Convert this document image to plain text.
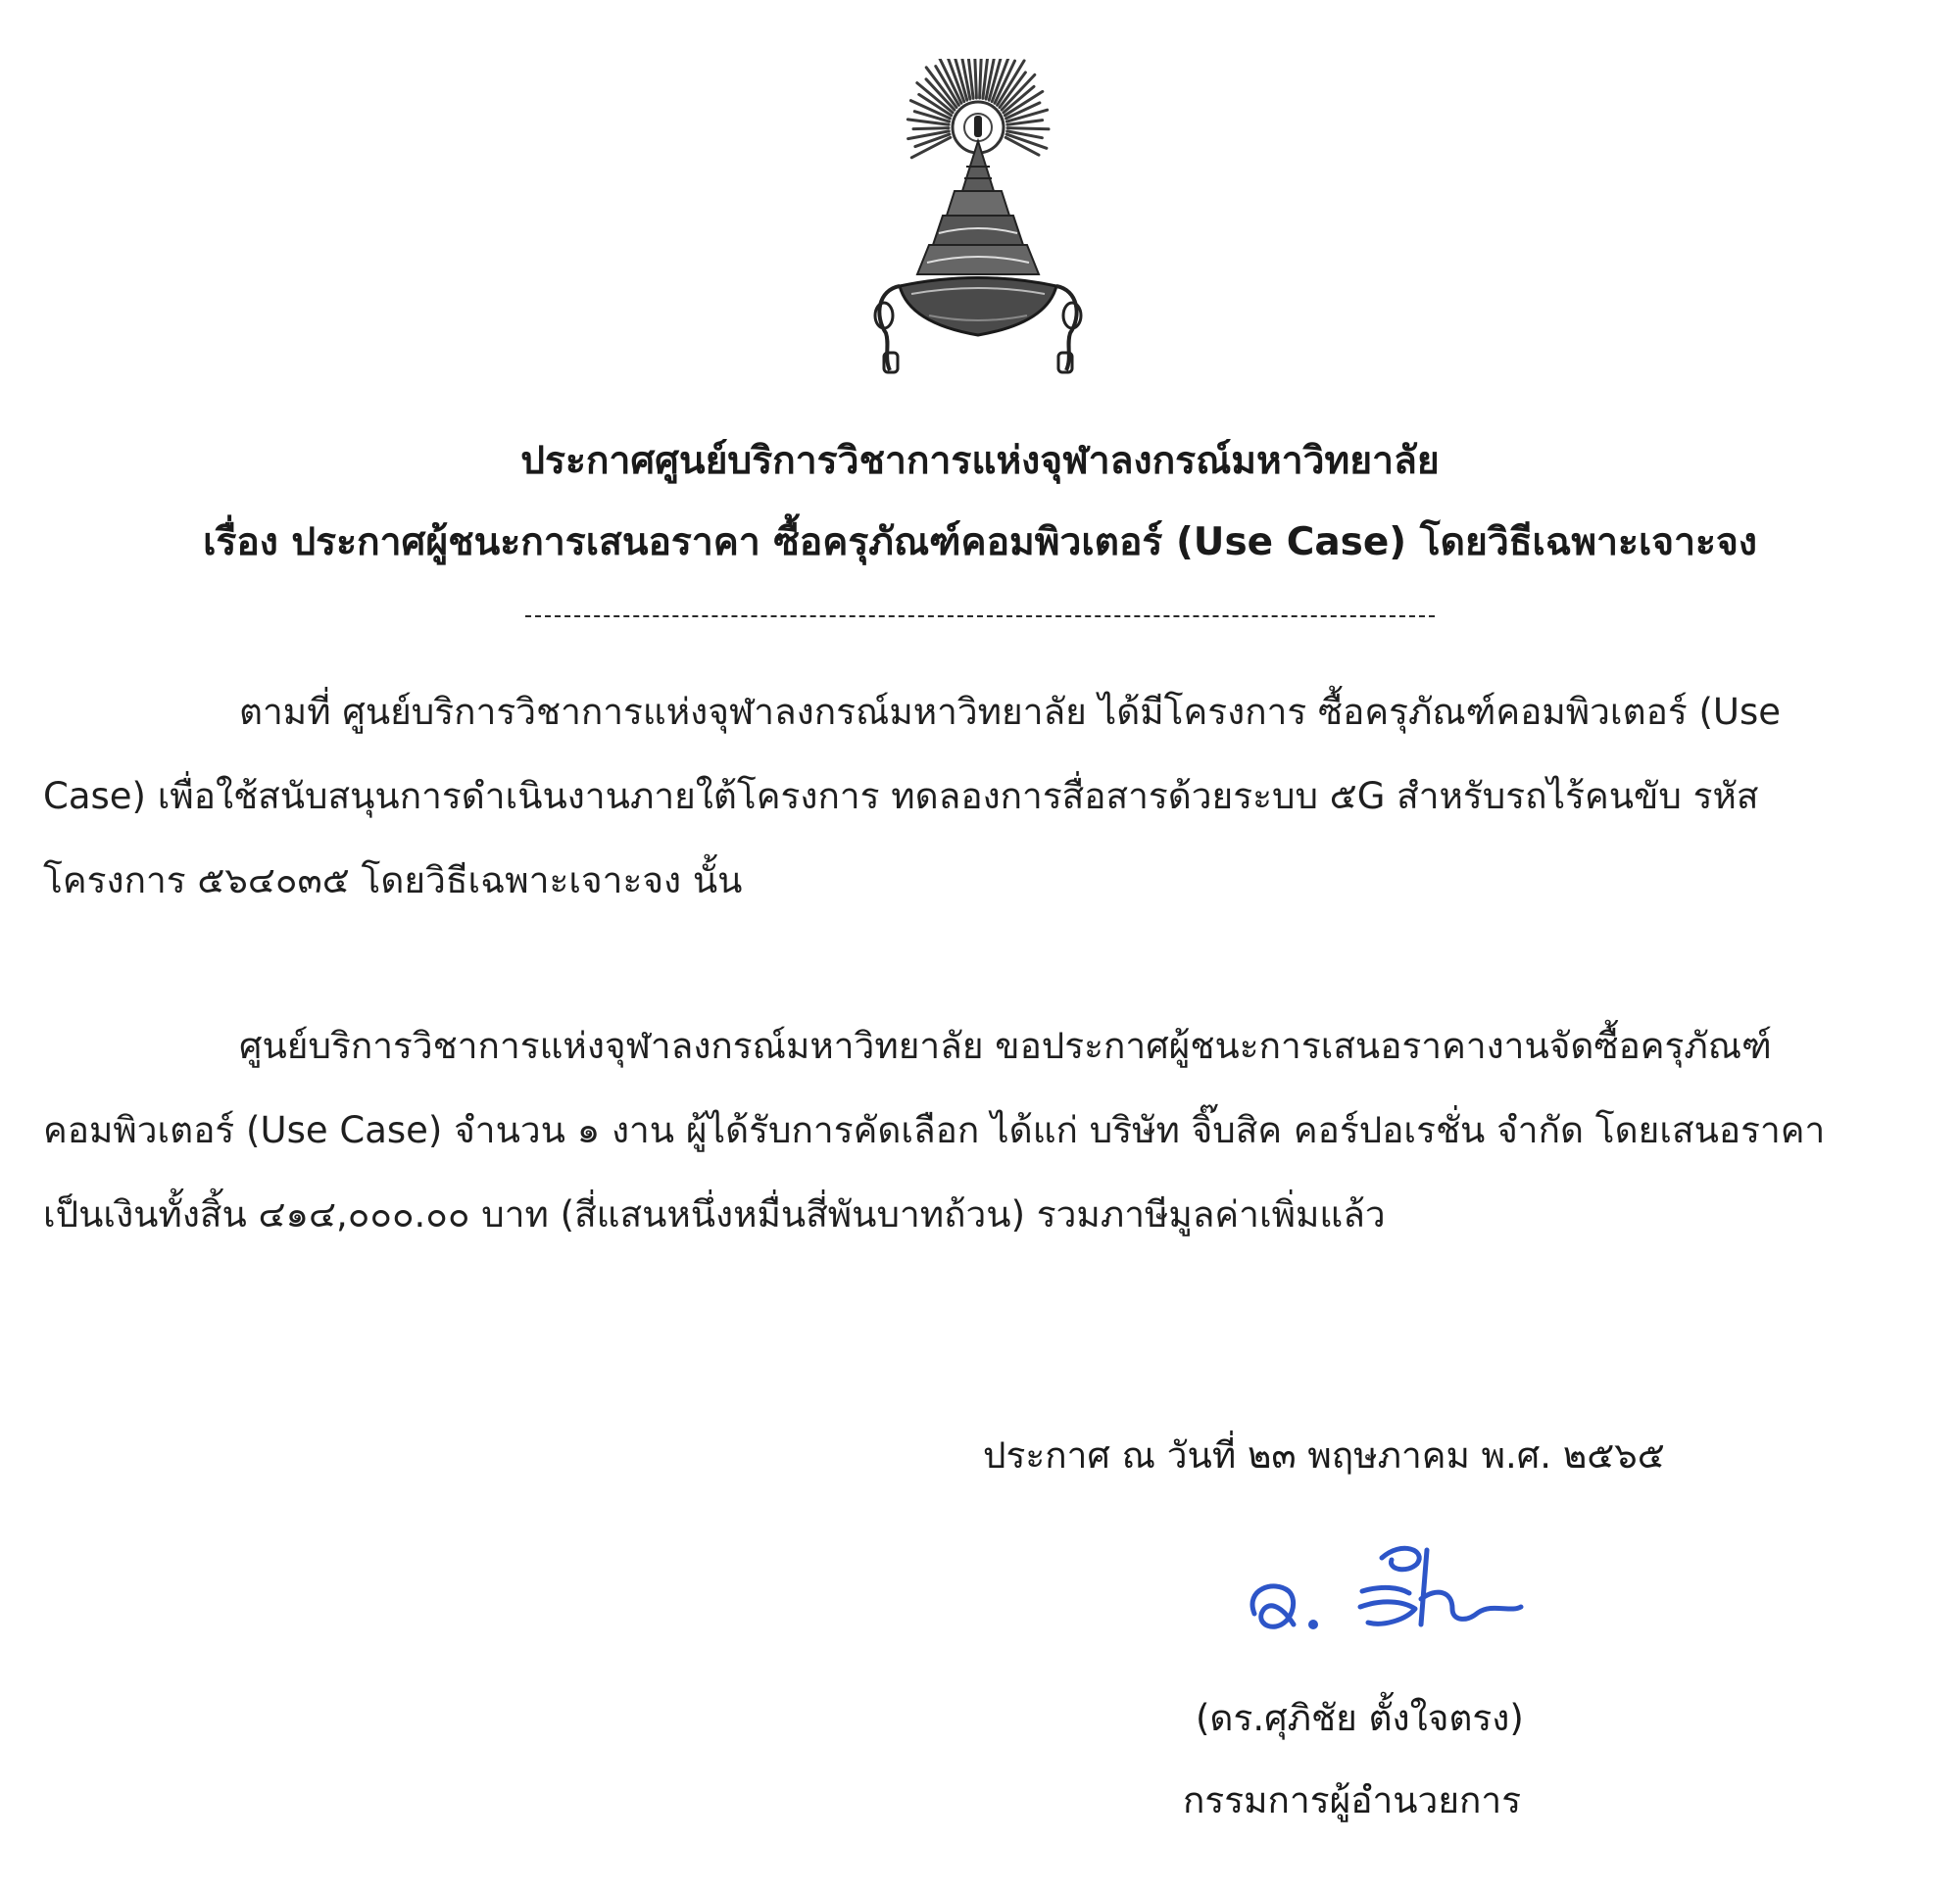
ประกาศศูนย์บริการวิชาการแห่งจุฬาลงกรณ์มหาวิทยาลัย
เรื่อง ประกาศผู้ชนะการเสนอราคา ซื้อครุภัณฑ์คอมพิวเตอร์ (Use Case) โดยวิธีเฉพาะเจาะจง
ตามที่ ศูนย์บริการวิชาการแห่งจุฬาลงกรณ์มหาวิทยาลัย ได้มีโครงการ ซื้อครุภัณฑ์คอมพิวเตอร์ (Use
Case) เพื่อใช้สนับสนุนการดำเนินงานภายใต้โครงการ ทดลองการสื่อสารด้วยระบบ ๕G สำหรับรถไร้คนขับ รหัส
โครงการ ๕๖๔๐๓๕ โดยวิธีเฉพาะเจาะจง นั้น
ศูนย์บริการวิชาการแห่งจุฬาลงกรณ์มหาวิทยาลัย ขอประกาศผู้ชนะการเสนอราคางานจัดซื้อครุภัณฑ์
คอมพิวเตอร์ (Use Case) จำนวน ๑ งาน ผู้ได้รับการคัดเลือก ได้แก่ บริษัท จิ๊บสิค คอร์ปอเรชั่น จำกัด โดยเสนอราคา
เป็นเงินทั้งสิ้น ๔๑๔,๐๐๐.๐๐ บาท (สี่แสนหนึ่งหมื่นสี่พันบาทถ้วน) รวมภาษีมูลค่าเพิ่มแล้ว
ประกาศ ณ วันที่ ๒๓ พฤษภาคม พ.ศ. ๒๕๖๕
(ดร.ศุภิชัย ตั้งใจตรง)
กรรมการผู้อำนวยการ
